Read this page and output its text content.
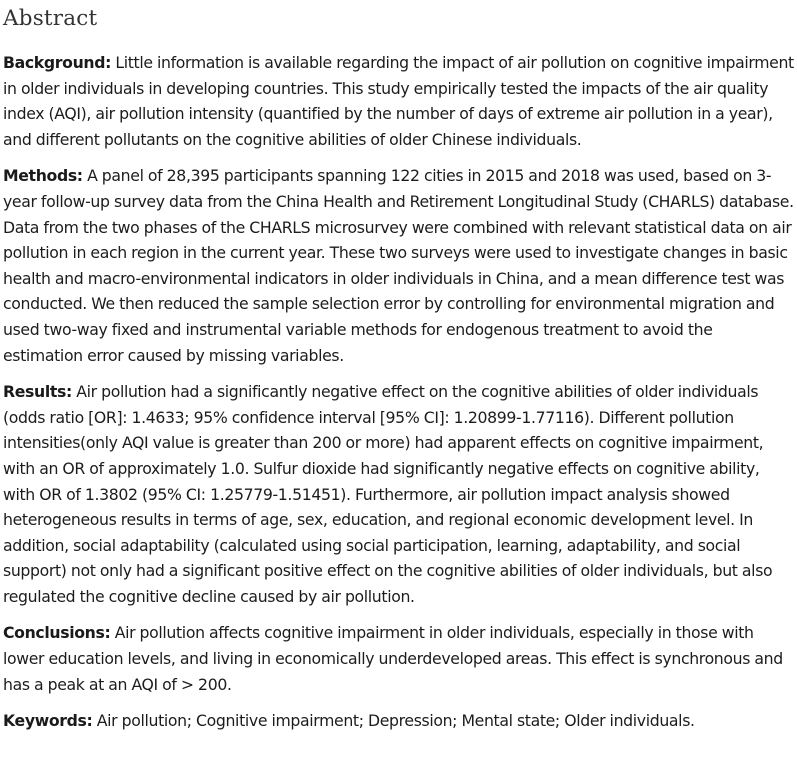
Abstract

Background: Little information is available regarding the impact of air pollution on cognitive impairment in older individuals in developing countries. This study empirically tested the impacts of the air quality index (AQI), air pollution intensity (quantified by the number of days of extreme air pollution in a year), and different pollutants on the cognitive abilities of older Chinese individuals.

Methods: A panel of 28,395 participants spanning 122 cities in 2015 and 2018 was used, based on 3-year follow-up survey data from the China Health and Retirement Longitudinal Study (CHARLS) database. Data from the two phases of the CHARLS microsurvey were combined with relevant statistical data on air pollution in each region in the current year. These two surveys were used to investigate changes in basic health and macro-environmental indicators in older individuals in China, and a mean difference test was conducted. We then reduced the sample selection error by controlling for environmental migration and used two-way fixed and instrumental variable methods for endogenous treatment to avoid the estimation error caused by missing variables.

Results: Air pollution had a significantly negative effect on the cognitive abilities of older individuals (odds ratio [OR]: 1.4633; 95% confidence interval [95% CI]: 1.20899-1.77116). Different pollution intensities(only AQI value is greater than 200 or more) had apparent effects on cognitive impairment, with an OR of approximately 1.0. Sulfur dioxide had significantly negative effects on cognitive ability, with OR of 1.3802 (95% CI: 1.25779-1.51451). Furthermore, air pollution impact analysis showed heterogeneous results in terms of age, sex, education, and regional economic development level. In addition, social adaptability (calculated using social participation, learning, adaptability, and social support) not only had a significant positive effect on the cognitive abilities of older individuals, but also regulated the cognitive decline caused by air pollution.

Conclusions: Air pollution affects cognitive impairment in older individuals, especially in those with lower education levels, and living in economically underdeveloped areas. This effect is synchronous and has a peak at an AQI of > 200.

Keywords: Air pollution; Cognitive impairment; Depression; Mental state; Older individuals.
